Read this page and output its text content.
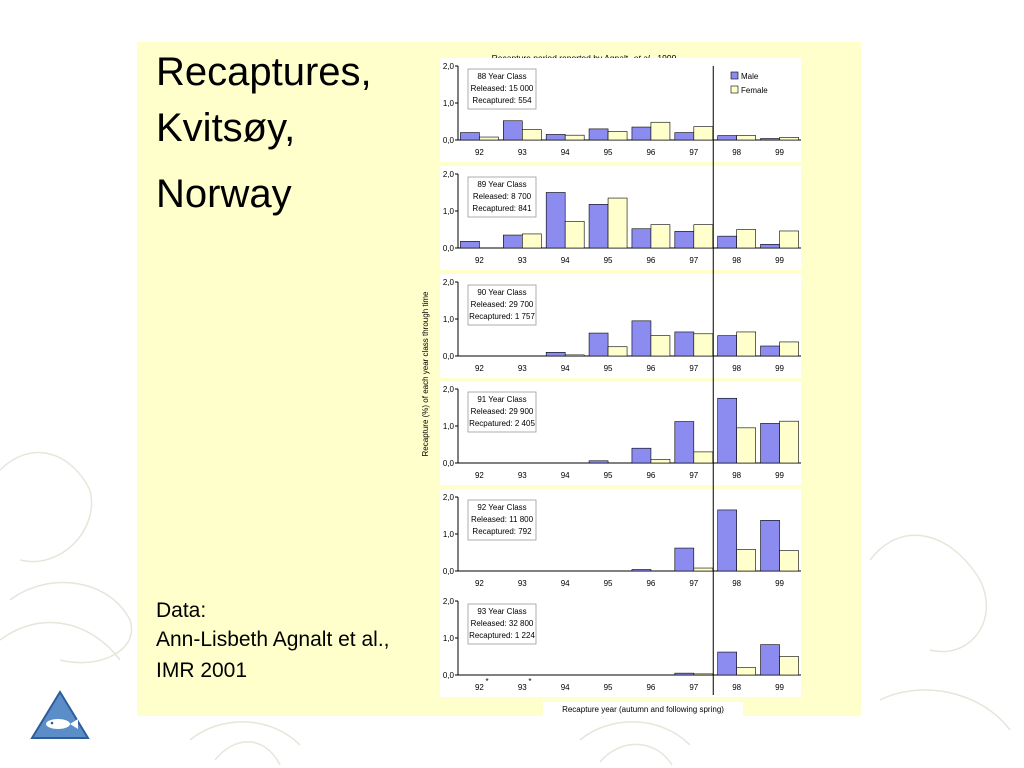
Recaptures,
Kvitsøy,
Norway
Data:
Ann-Lisbeth Agnalt et al.,
IMR 2001
Recapture (%) of each year class through time
0,0
1,0
2,0
92	93	94	95	96	97	98	99
88 Year Class
Released: 15 000
Recaptured: 554
0,0
1,0
2,0
92	93	94	95	96	97	98	99
89 Year Class
Released: 8 700
Recaptured: 841
0,0
1,0
2,0
92	93	94	95	96	97	98	99
90 Year Class
Released: 29 700
Recaptured: 1 757
0,0
1,0
2,0
92	93	94	95	96	97	98	99
91 Year Class
Released: 29 900
Recpatured: 2 405
0,0
1,0
2,0
92	93	94	95	96	97	98	99
92 Year Class
Released: 11 800
Recaptured: 792
0,0
1,0
2,0
92
*
93
*
94	95	96	97	98	99
93 Year Class
Released: 32 800
Recaptured: 1 224
Male
Female
Recapture year (autumn and following spring)
